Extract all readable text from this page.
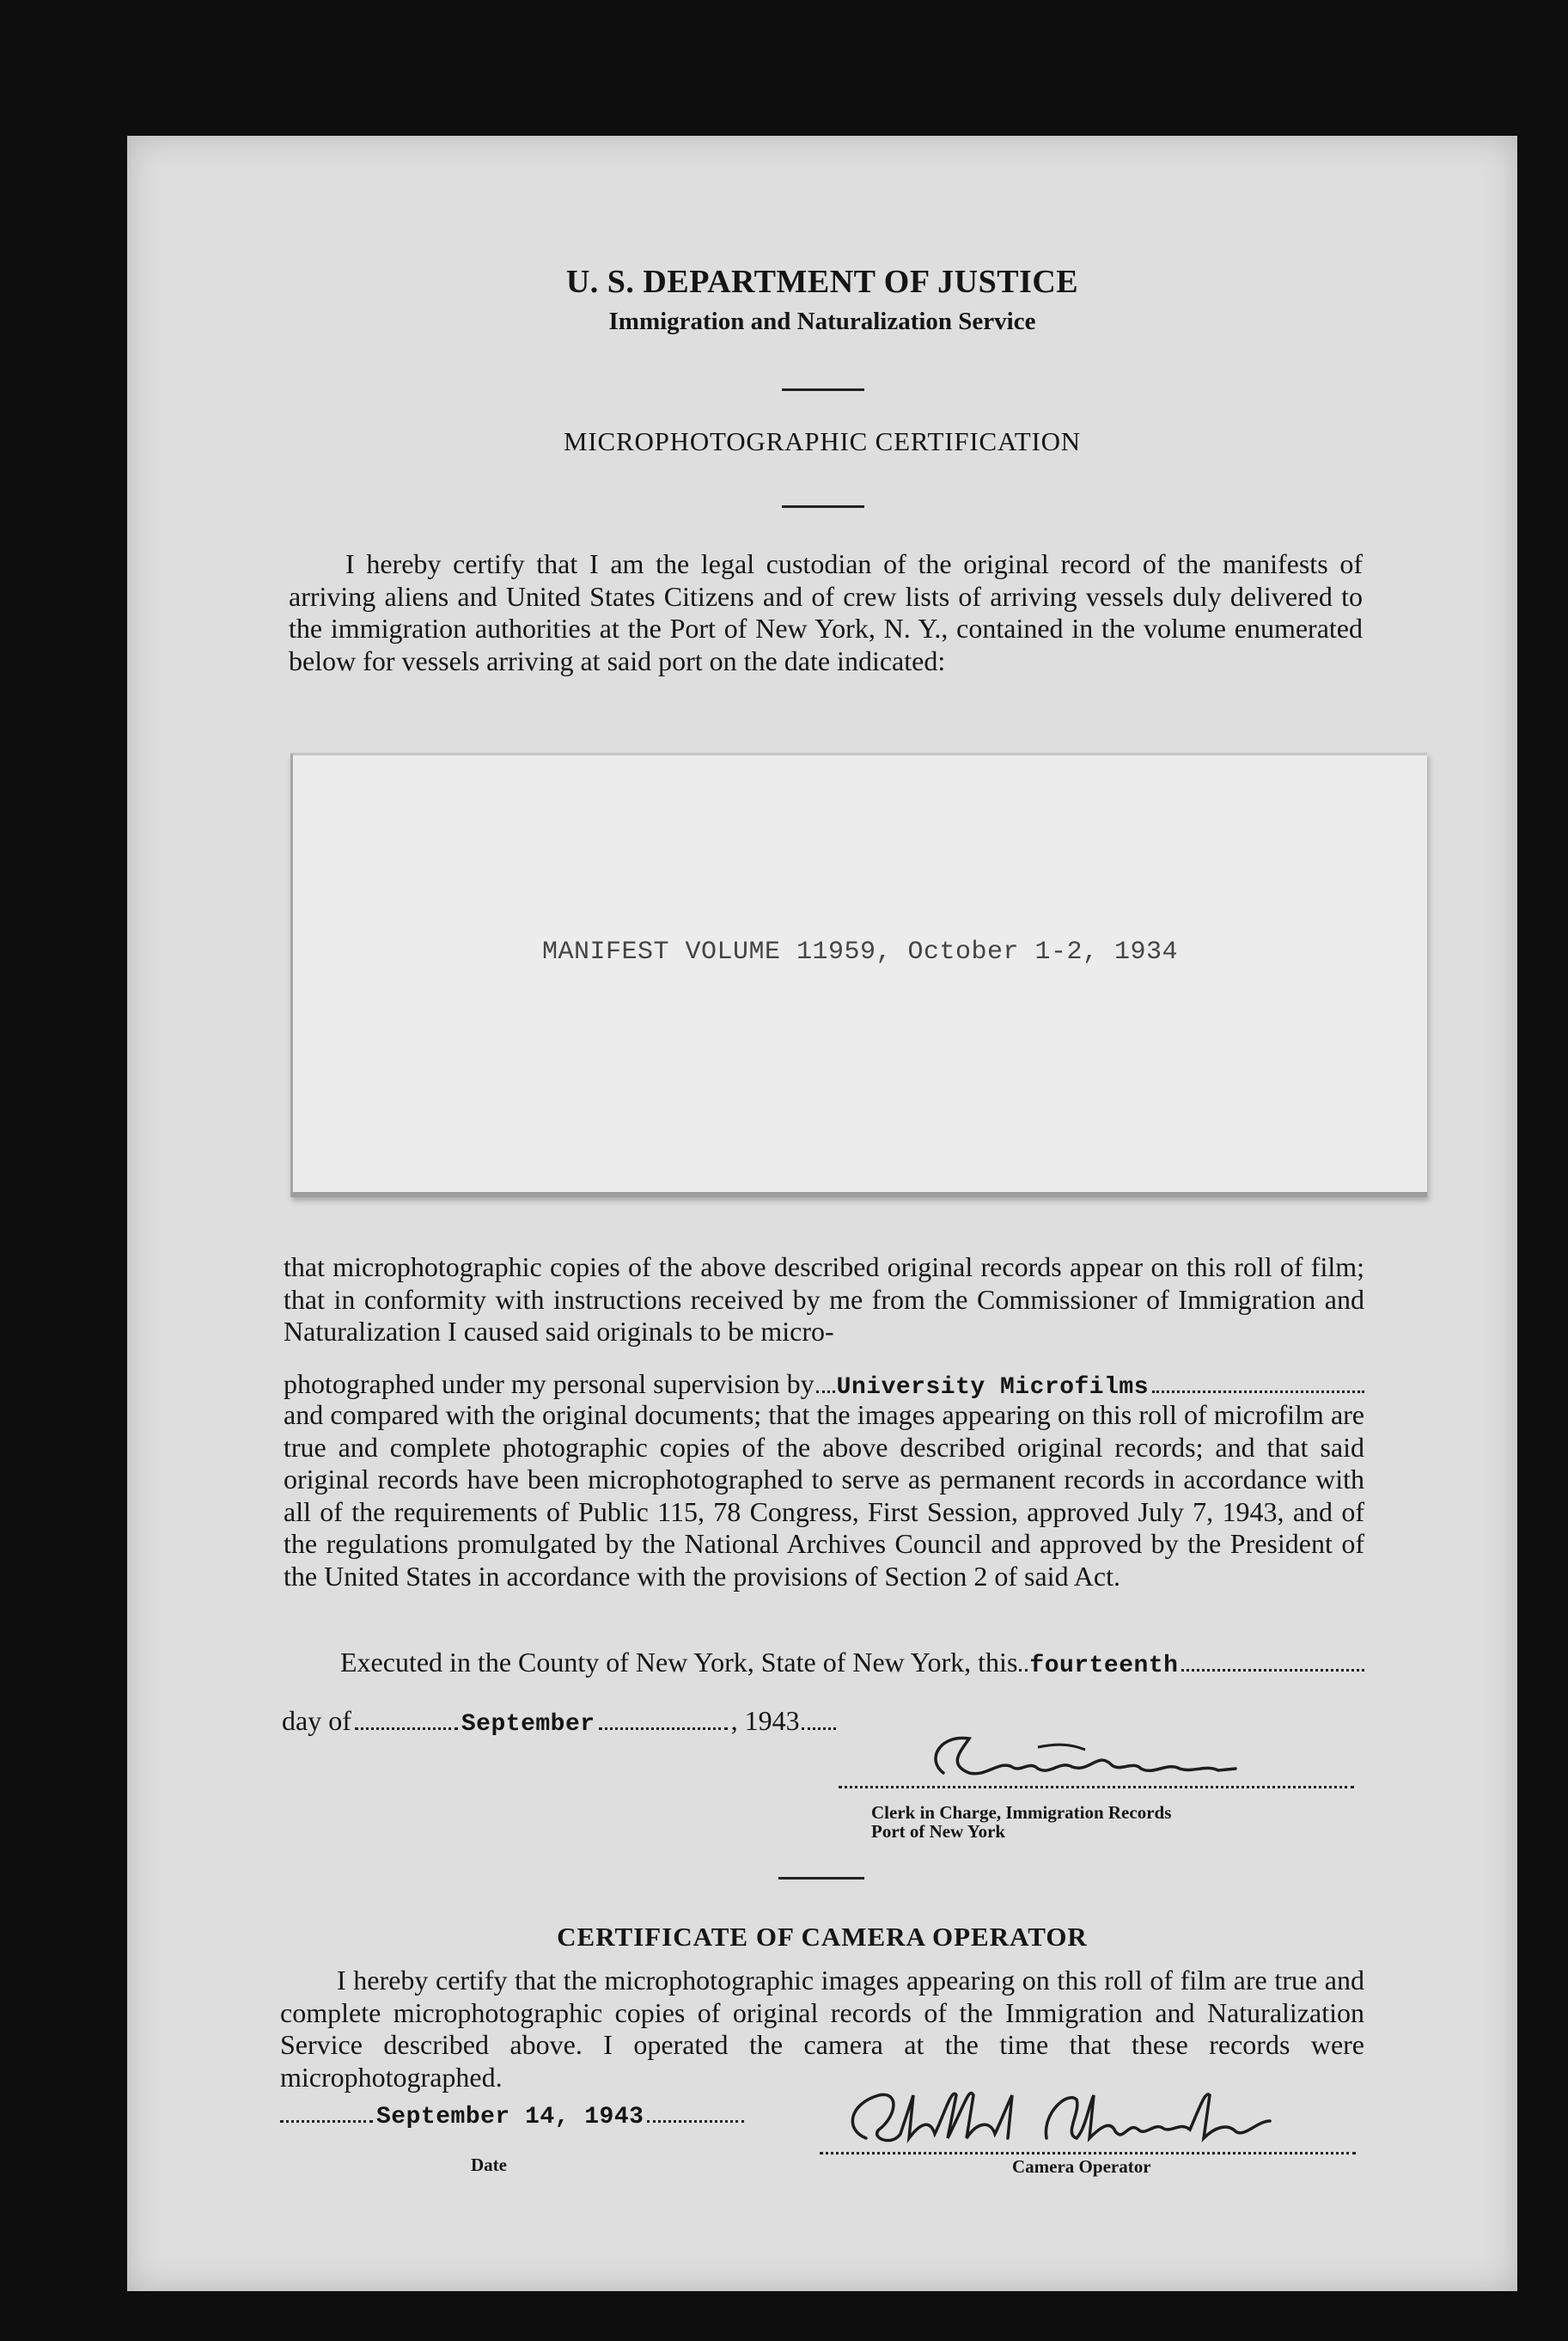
U. S. DEPARTMENT OF JUSTICE
Immigration and Naturalization Service
MICROPHOTOGRAPHIC CERTIFICATION
I hereby certify that I am the legal custodian of the original record of the manifests of arriving aliens and United States Citizens and of crew lists of arriving vessels duly delivered to the immigration authorities at the Port of New York, N. Y., contained in the volume enumerated below for vessels arriving at said port on the date indicated:
MANIFEST VOLUME 11959, October 1-2, 1934
that microphotographic copies of the above described original records appear on this roll of film; that in conformity with instructions received by me from the Commissioner of Immigration and Naturalization I caused said originals to be micro-
photographed under my personal supervision by University Microfilms
and compared with the original documents; that the images appearing on this roll of microfilm are true and complete photographic copies of the above described original records; and that said original records have been microphotographed to serve as permanent records in accordance with all of the requirements of Public 115, 78 Congress, First Session, approved July 7, 1943, and of the regulations promulgated by the National Archives Council and approved by the President of the United States in accordance with the provisions of Section 2 of said Act.
Executed in the County of New York, State of New York, this fourteenth
day of	September	, 1943
Clerk in Charge, Immigration Records
Port of New York
CERTIFICATE OF CAMERA OPERATOR
I hereby certify that the microphotographic images appearing on this roll of film are true and complete microphotographic copies of original records of the Immigration and Naturalization Service described above. I operated the camera at the time that these records were microphotographed.
September 14, 1943
Date	Camera Operator
